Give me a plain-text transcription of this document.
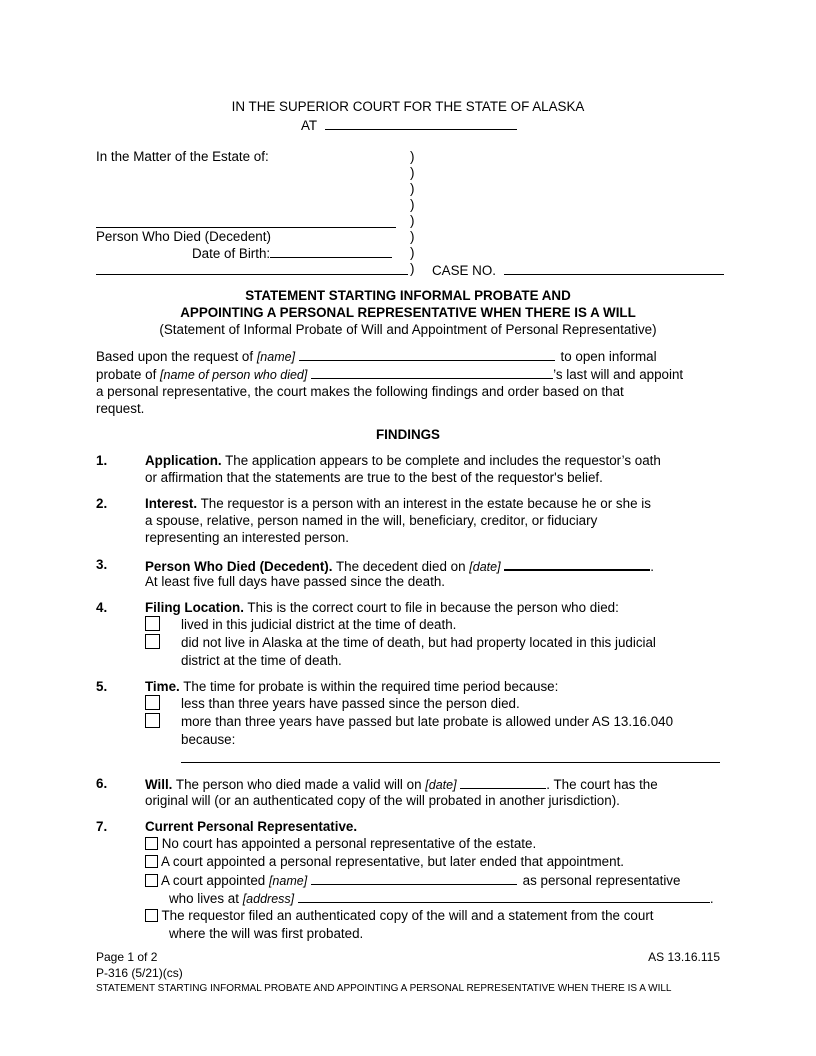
IN THE SUPERIOR COURT FOR THE STATE OF ALASKA
AT
In the Matter of the Estate of:	)
)
)
)
)
)
)
)
Person Who Died (Decedent)
Date of Birth:
CASE NO.
STATEMENT STARTING INFORMAL PROBATE AND
APPOINTING A PERSONAL REPRESENTATIVE WHEN THERE IS A WILL
(Statement of Informal Probate of Will and Appointment of Personal Representative)
Based upon the request of [name]	to open informal
probate of [name of person who died]	’s last will and appoint
a personal representative, the court makes the following findings and order based on that
request.
FINDINGS
1.	Application. The application appears to be complete and includes the requestor’s oath
or affirmation that the statements are true to the best of the requestor's belief.
2.	Interest. The requestor is a person with an interest in the estate because he or she is
a spouse, relative, person named in the will, beneficiary, creditor, or fiduciary
representing an interested person.
3.	Person Who Died (Decedent). The decedent died on [date]	.
At least five full days have passed since the death.
4.	Filing Location. This is the correct court to file in because the person who died:
lived in this judicial district at the time of death.
did not live in Alaska at the time of death, but had property located in this judicial
district at the time of death.
5.	Time. The time for probate is within the required time period because:
less than three years have passed since the person died.
more than three years have passed but late probate is allowed under AS 13.16.040
because:
6.	Will. The person who died made a valid will on [date]	. The court has the
original will (or an authenticated copy of the will probated in another jurisdiction).
7.	Current Personal Representative.
No court has appointed a personal representative of the estate.
A court appointed a personal representative, but later ended that appointment.
A court appointed [name]	as personal representative
who lives at [address]	.
The requestor filed an authenticated copy of the will and a statement from the court
where the will was first probated.
Page 1 of 2	AS 13.16.115
P-316 (5/21)(cs)
STATEMENT STARTING INFORMAL PROBATE AND APPOINTING A PERSONAL REPRESENTATIVE WHEN THERE IS A WILL
